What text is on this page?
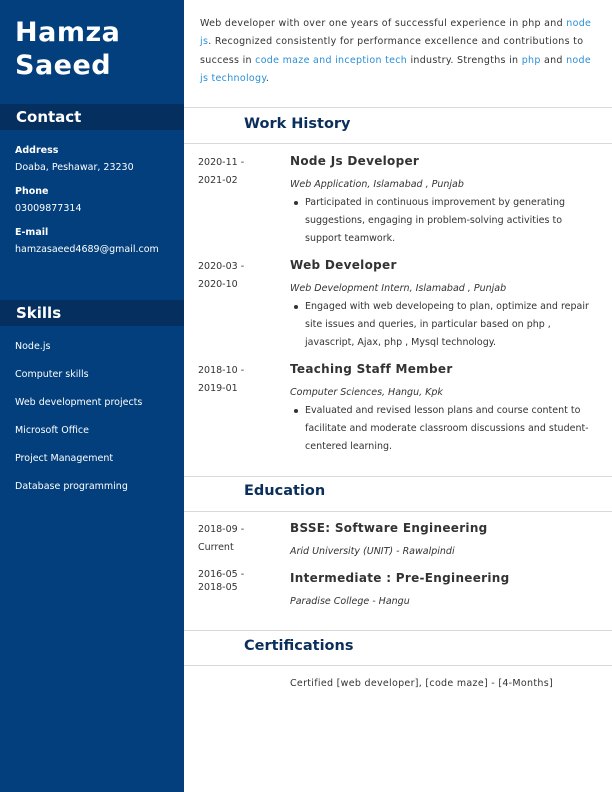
Hamza
Saeed
Contact
Address
Doaba, Peshawar, 23230
Phone
03009877314
E-mail
hamzasaeed4689@gmail.com
Skills
Node.js
Computer skills
Web development projects
Microsoft Office
Project Management
Database programming
Web developer with over one years of successful experience in php and node js. Recognized consistently for performance excellence and contributions to success in code maze and inception tech industry. Strengths in php and node js technology.
Work History
2020-11 -
2021-02
Node Js Developer
Web Application, Islamabad , Punjab
Participated in continuous improvement by generating suggestions, engaging in problem-solving activities to support teamwork.
2020-03 -
2020-10
Web Developer
Web Development Intern, Islamabad , Punjab
Engaged with web developeing to plan, optimize and repair site issues and queries, in particular based on php , javascript, Ajax, php , Mysql technology.
2018-10 -
2019-01
Teaching Staff Member
Computer Sciences, Hangu, Kpk
Evaluated and revised lesson plans and course content to facilitate and moderate classroom discussions and student-centered learning.
Education
2018-09 -
Current
BSSE: Software Engineering
Arid University (UNIT) - Rawalpindi
2016-05 -
2018-05
Intermediate : Pre-Engineering
Paradise College - Hangu
Certifications
Certified [web developer], [code maze] - [4-Months]
